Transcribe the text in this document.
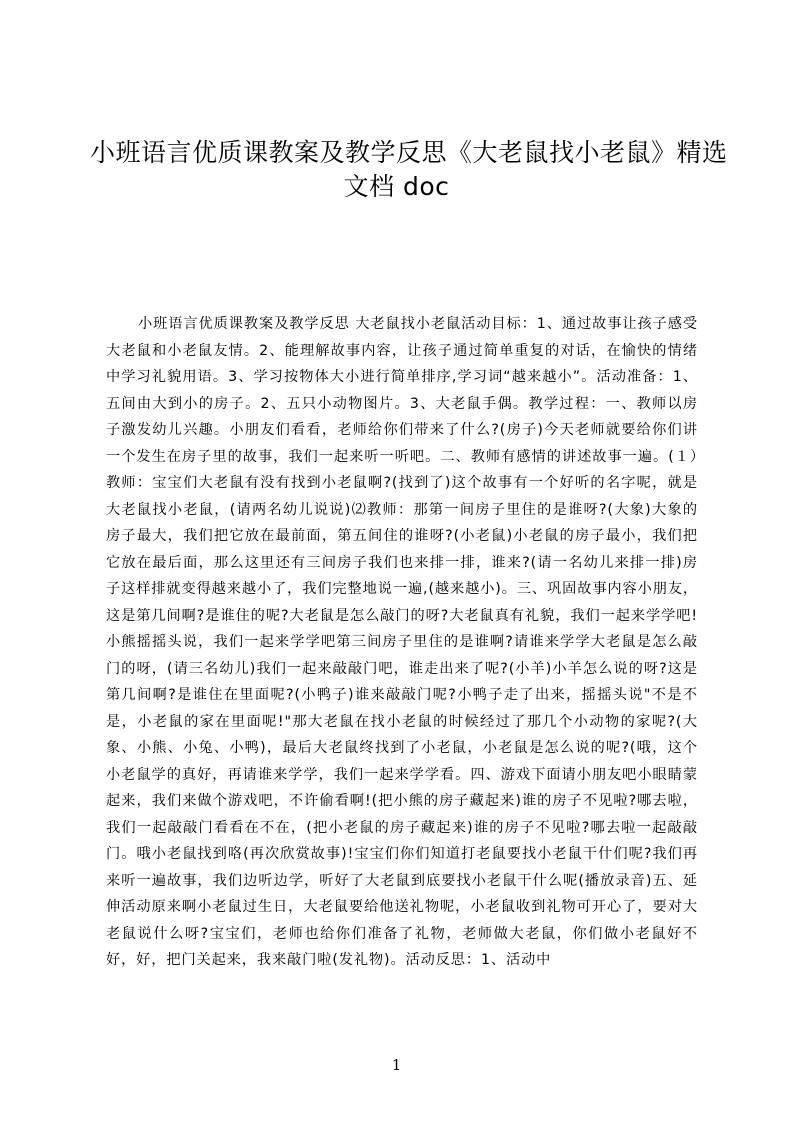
小班语言优质课教案及教学反思《大老鼠找小老鼠》精选
文档 doc

小班语言优质课教案及教学反思 大老鼠找小老鼠活动目标：1、通过故事让孩子感受大老鼠和小老鼠友情。2、能理解故事内容，让孩子通过简单重复的对话，在愉快的情绪中学习礼貌用语。3、学习按物体大小进行简单排序,学习词“越来越小”。活动准备：1、五间由大到小的房子。2、五只小动物图片。3、大老鼠手偶。教学过程：一、教师以房子激发幼儿兴趣。小朋友们看看，老师给你们带来了什么?(房子)今天老师就要给你们讲一个发生在房子里的故事，我们一起来听一听吧。二、教师有感情的讲述故事一遍。(１）教师：宝宝们大老鼠有没有找到小老鼠啊?(找到了)这个故事有一个好听的名字呢，就是大老鼠找小老鼠，(请两名幼儿说说)⑵教师：那第一间房子里住的是谁呀?(大象)大象的房子最大，我们把它放在最前面，第五间住的谁呀?(小老鼠)小老鼠的房子最小，我们把它放在最后面，那么这里还有三间房子我们也来排一排，谁来?(请一名幼儿来排一排)房子这样排就变得越来越小了，我们完整地说一遍,(越来越小)。三、巩固故事内容小朋友，这是第几间啊?是谁住的呢?大老鼠是怎么敲门的呀?大老鼠真有礼貌，我们一起来学学吧!小熊摇摇头说，我们一起来学学吧第三间房子里住的是谁啊?请谁来学学大老鼠是怎么敲门的呀，(请三名幼儿)我们一起来敲敲门吧，谁走出来了呢?(小羊)小羊怎么说的呀?这是第几间啊?是谁住在里面呢?(小鸭子)谁来敲敲门呢?小鸭子走了出来，摇摇头说"不是不是，小老鼠的家在里面呢!"那大老鼠在找小老鼠的时候经过了那几个小动物的家呢?(大象、小熊、小兔、小鸭)，最后大老鼠终找到了小老鼠，小老鼠是怎么说的呢?(哦，这个小老鼠学的真好，再请谁来学学，我们一起来学学看。四、游戏下面请小朋友吧小眼睛蒙起来，我们来做个游戏吧，不许偷看啊!(把小熊的房子藏起来)谁的房子不见啦?哪去啦，我们一起敲敲门看看在不在，(把小老鼠的房子藏起来)谁的房子不见啦?哪去啦一起敲敲门。哦小老鼠找到咯(再次欣赏故事)!宝宝们你们知道打老鼠要找小老鼠干什们呢?我们再来听一遍故事，我们边听边学，听好了大老鼠到底要找小老鼠干什么呢(播放录音)五、延伸活动原来啊小老鼠过生日，大老鼠要给他送礼物呢，小老鼠收到礼物可开心了，要对大老鼠说什么呀?宝宝们，老师也给你们准备了礼物，老师做大老鼠，你们做小老鼠好不好，好，把门关起来，我来敲门啦(发礼物)。活动反思：1、活动中

1
